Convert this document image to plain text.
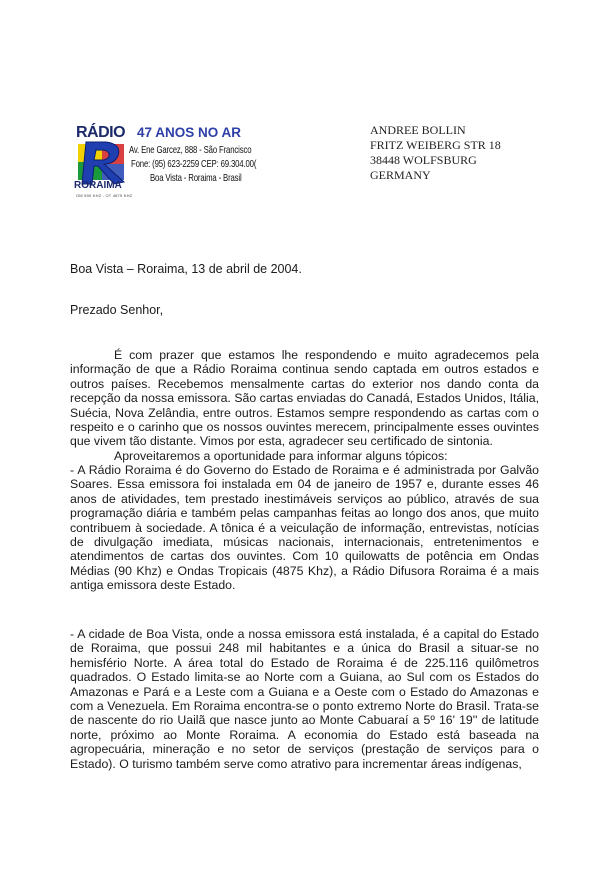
RÁDIO
RORAIMA
OM 590 KHZ - OT 4875 KHZ
47 ANOS NO AR
Av. Ene Garcez, 888 - São Francisco
Fone: (95) 623-2259 CEP: 69.304.00(
Boa Vista - Roraima - Brasil
ANDREE BOLLIN
FRITZ WEIBERG STR 18
38448 WOLFSBURG
GERMANY
Boa Vista – Roraima, 13 de abril de 2004.
Prezado Senhor,

É com prazer que estamos lhe respondendo e muito agradecemos pela informação de que a Rádio Roraima continua sendo captada em outros estados e outros países. Recebemos mensalmente cartas do exterior nos dando conta da recepção da nossa emissora. São cartas enviadas do Canadá, Estados Unidos, Itália, Suécia, Nova Zelândia, entre outros. Estamos sempre respondendo as cartas com o respeito e o carinho que os nossos ouvintes merecem, principalmente esses ouvintes que vivem tão distante. Vimos por esta, agradecer seu certificado de sintonia.

Aproveitaremos a oportunidade para informar alguns tópicos:

- A Rádio Roraima é do Governo do Estado de Roraima e é administrada por Galvão Soares. Essa emissora foi instalada em 04 de janeiro de 1957 e, durante esses 46 anos de atividades, tem prestado inestimáveis serviços ao público, através de sua programação diária e também pelas campanhas feitas ao longo dos anos, que muito contribuem à sociedade. A tônica é a veiculação de informação, entrevistas, notícias de divulgação imediata, músicas nacionais, internacionais, entretenimentos e atendimentos de cartas dos ouvintes. Com 10 quilowatts de potência em Ondas Médias (90 Khz) e Ondas Tropicais (4875 Khz), a Rádio Difusora Roraima é a mais antiga emissora deste Estado.

- A cidade de Boa Vista, onde a nossa emissora está instalada, é a capital do Estado de Roraima, que possui 248 mil habitantes e a única do Brasil a situar-se no hemisfério Norte. A área total do Estado de Roraima é de 225.116 quilômetros quadrados. O Estado limita-se ao Norte com a Guiana, ao Sul com os Estados do Amazonas e Pará e a Leste com a Guiana e a Oeste com o Estado do Amazonas e com a Venezuela. Em Roraima encontra-se o ponto extremo Norte do Brasil. Trata-se de nascente do rio Uailã que nasce junto ao Monte Cabuaraí a 5º 16' 19'' de latitude norte, próximo ao Monte Roraima. A economia do Estado está baseada na agropecuária, mineração e no setor de serviços (prestação de serviços para o Estado). O turismo também serve como atrativo para incrementar áreas indígenas,
